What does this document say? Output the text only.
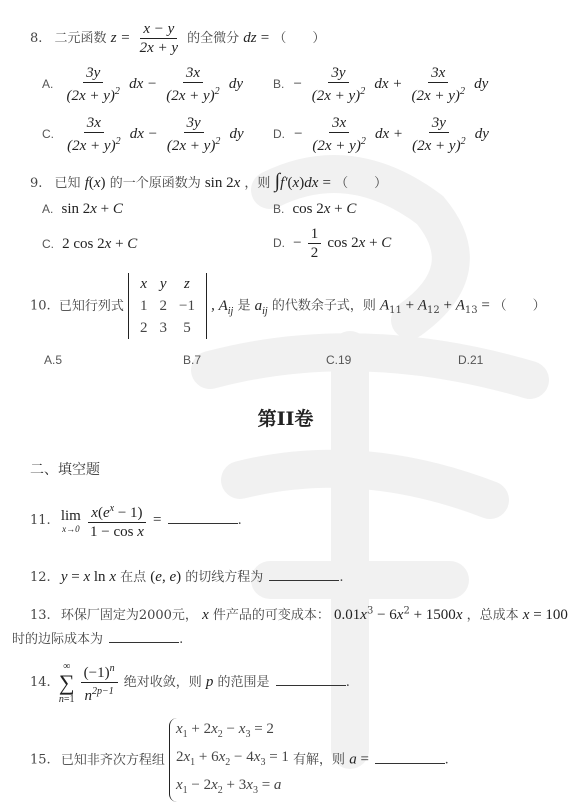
8. 二元函数 $z = \frac{x - y}{2x + y}$ 的全微分 dz = （　　）
A. $\frac{3y}{(2x + y)^2}$ dx − $\frac{3x}{(2x + y)^2}$ dy	B. − $\frac{3y}{(2x + y)^2}$ dx + $\frac{3x}{(2x + y)^2}$ dy
C. $\frac{3x}{(2x + y)^2}$ dx − $\frac{3y}{(2x + y)^2}$ dy D. − $\frac{3x}{(2x + y)^2}$ dx + $\frac{3y}{(2x + y)^2}$ dy
9. 已知 f(x) 的一个原函数为 sin 2x ，则 ∫f′(x)dx = （　　）
A. sin 2x + C	B. cos 2x + C
C. 2 cos 2x + C	D. − $\frac{1}{2}$ cos 2x + C
10. 已知行列式
x	y	z
1	2	−1
2	3	5
, $A_{ij}$ 是 $a_{ij}$ 的代数余子式，则 $A_{11} + A_{12} + A_{13}$ = （　　）
A.5	B.7	C.19	D.21
第II卷
二、填空题
11. lim
x→0
$\frac{x(e^x - 1)}{\text{1 − cos x}}$ =	.
12. y = x ln x 在点 (e, e) 的切线方程为	.
13. 环保厂固定为2000元， x 件产品的可变成本： $0.01x^3 - 6x^2 + 1500x$ ，总成本 x = 100
时的边际成本为	.
14.
∞
∑
n=1
$\frac{(-1)^n}{n^{2p-1}}$ 绝对收敛，则 p 的范围是	.
15. 已知非齐次方程组
$x_1 + 2x_2 - x_3 = 2$
$2x_1 + 6x_2 - 4x_3 = 1$
$x_1 - 2x_2 + 3x_3 = a$
有解，则 a =	.
